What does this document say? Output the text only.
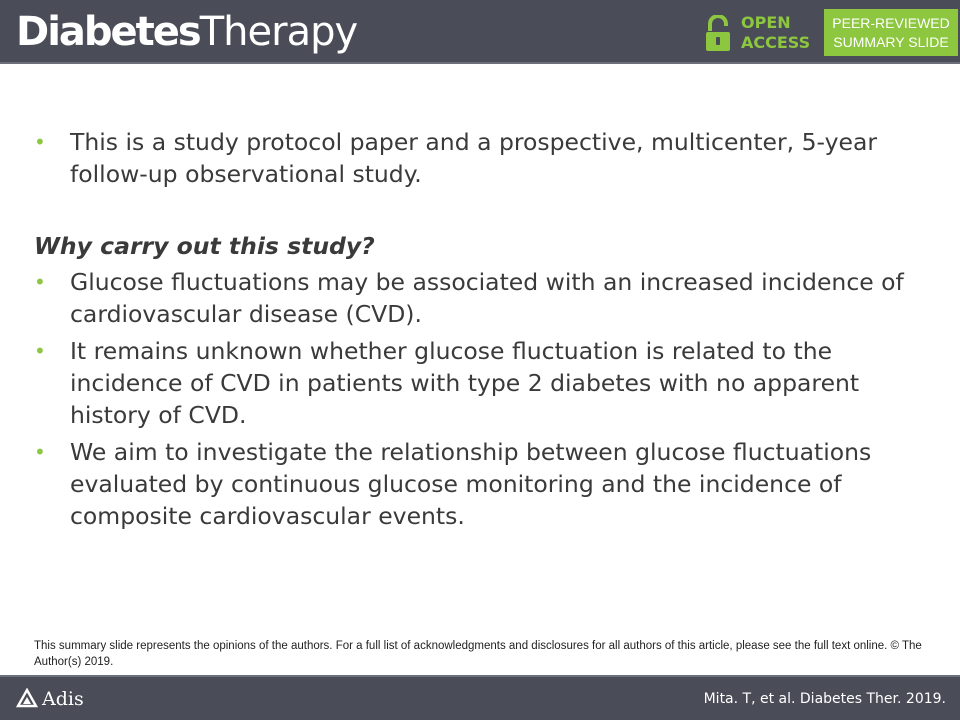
DiabetesTherapy	OPEN
ACCESS
PEER-REVIEWED
SUMMARY SLIDE
• This is a study protocol paper and a prospective, multicenter, 5-year follow-up observational study.
Why carry out this study?
• Glucose fluctuations may be associated with an increased incidence of cardiovascular disease (CVD).
• It remains unknown whether glucose fluctuation is related to the incidence of CVD in patients with type 2 diabetes with no apparent history of CVD.
• We aim to investigate the relationship between glucose fluctuations evaluated by continuous glucose monitoring and the incidence of composite cardiovascular events.
This summary slide represents the opinions of the authors. For a full list of acknowledgments and disclosures for all authors of this article, please see the full text online. © The Author(s) 2019.
Adis	Mita. T, et al. Diabetes Ther. 2019.
